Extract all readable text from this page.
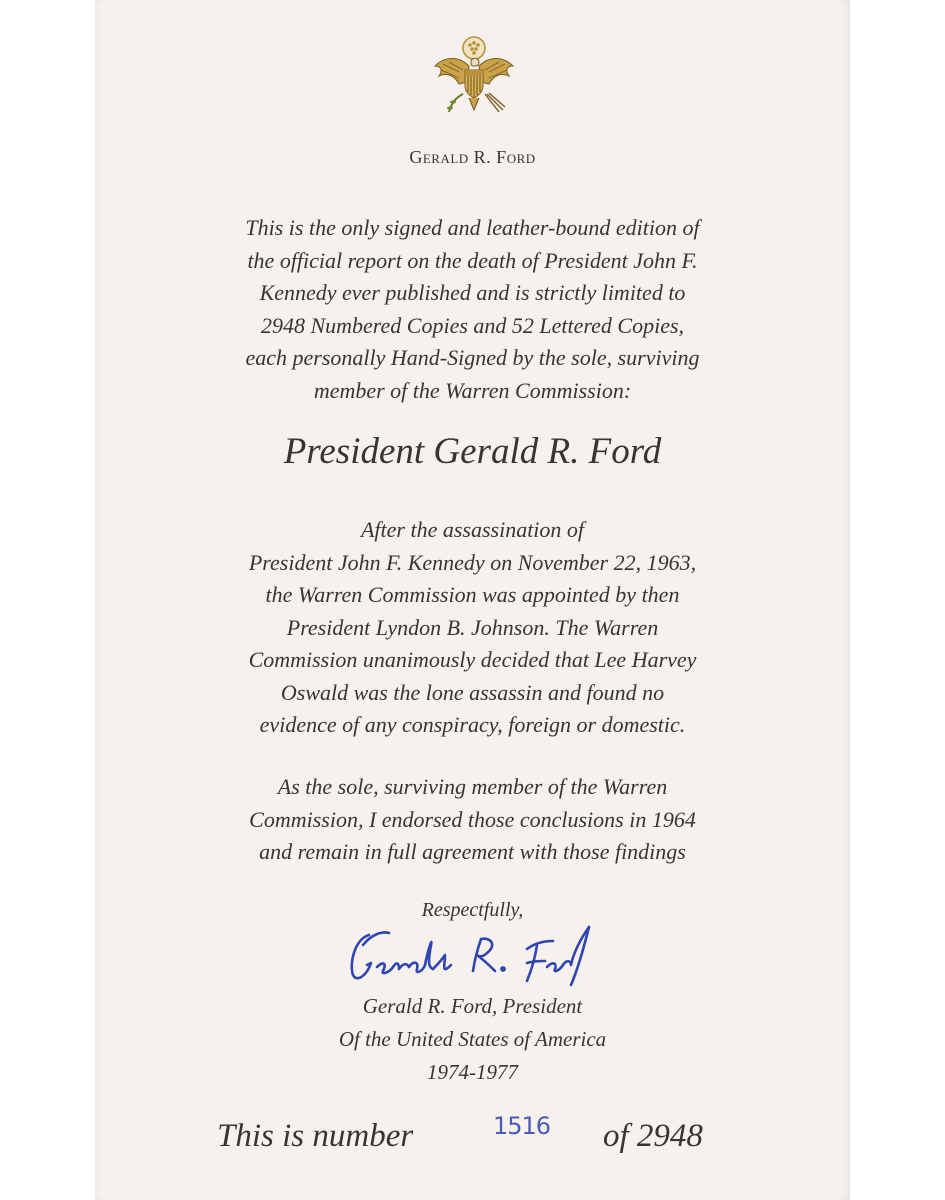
Gerald R. Ford
This is the only signed and leather-bound edition of
the official report on the death of President John F.
Kennedy ever published and is strictly limited to
2948 Numbered Copies and 52 Lettered Copies,
each personally Hand-Signed by the sole, surviving
member of the Warren Commission:
President Gerald R. Ford
After the assassination of
President John F. Kennedy on November 22, 1963,
the Warren Commission was appointed by then
President Lyndon B. Johnson. The Warren
Commission unanimously decided that Lee Harvey
Oswald was the lone assassin and found no
evidence of any conspiracy, foreign or domestic.
As the sole, surviving member of the Warren
Commission, I endorsed those conclusions in 1964
and remain in full agreement with those findings
Respectfully,
Gerald R. Ford, President
Of the United States of America
1974-1977
This is number	1516 of 2948
